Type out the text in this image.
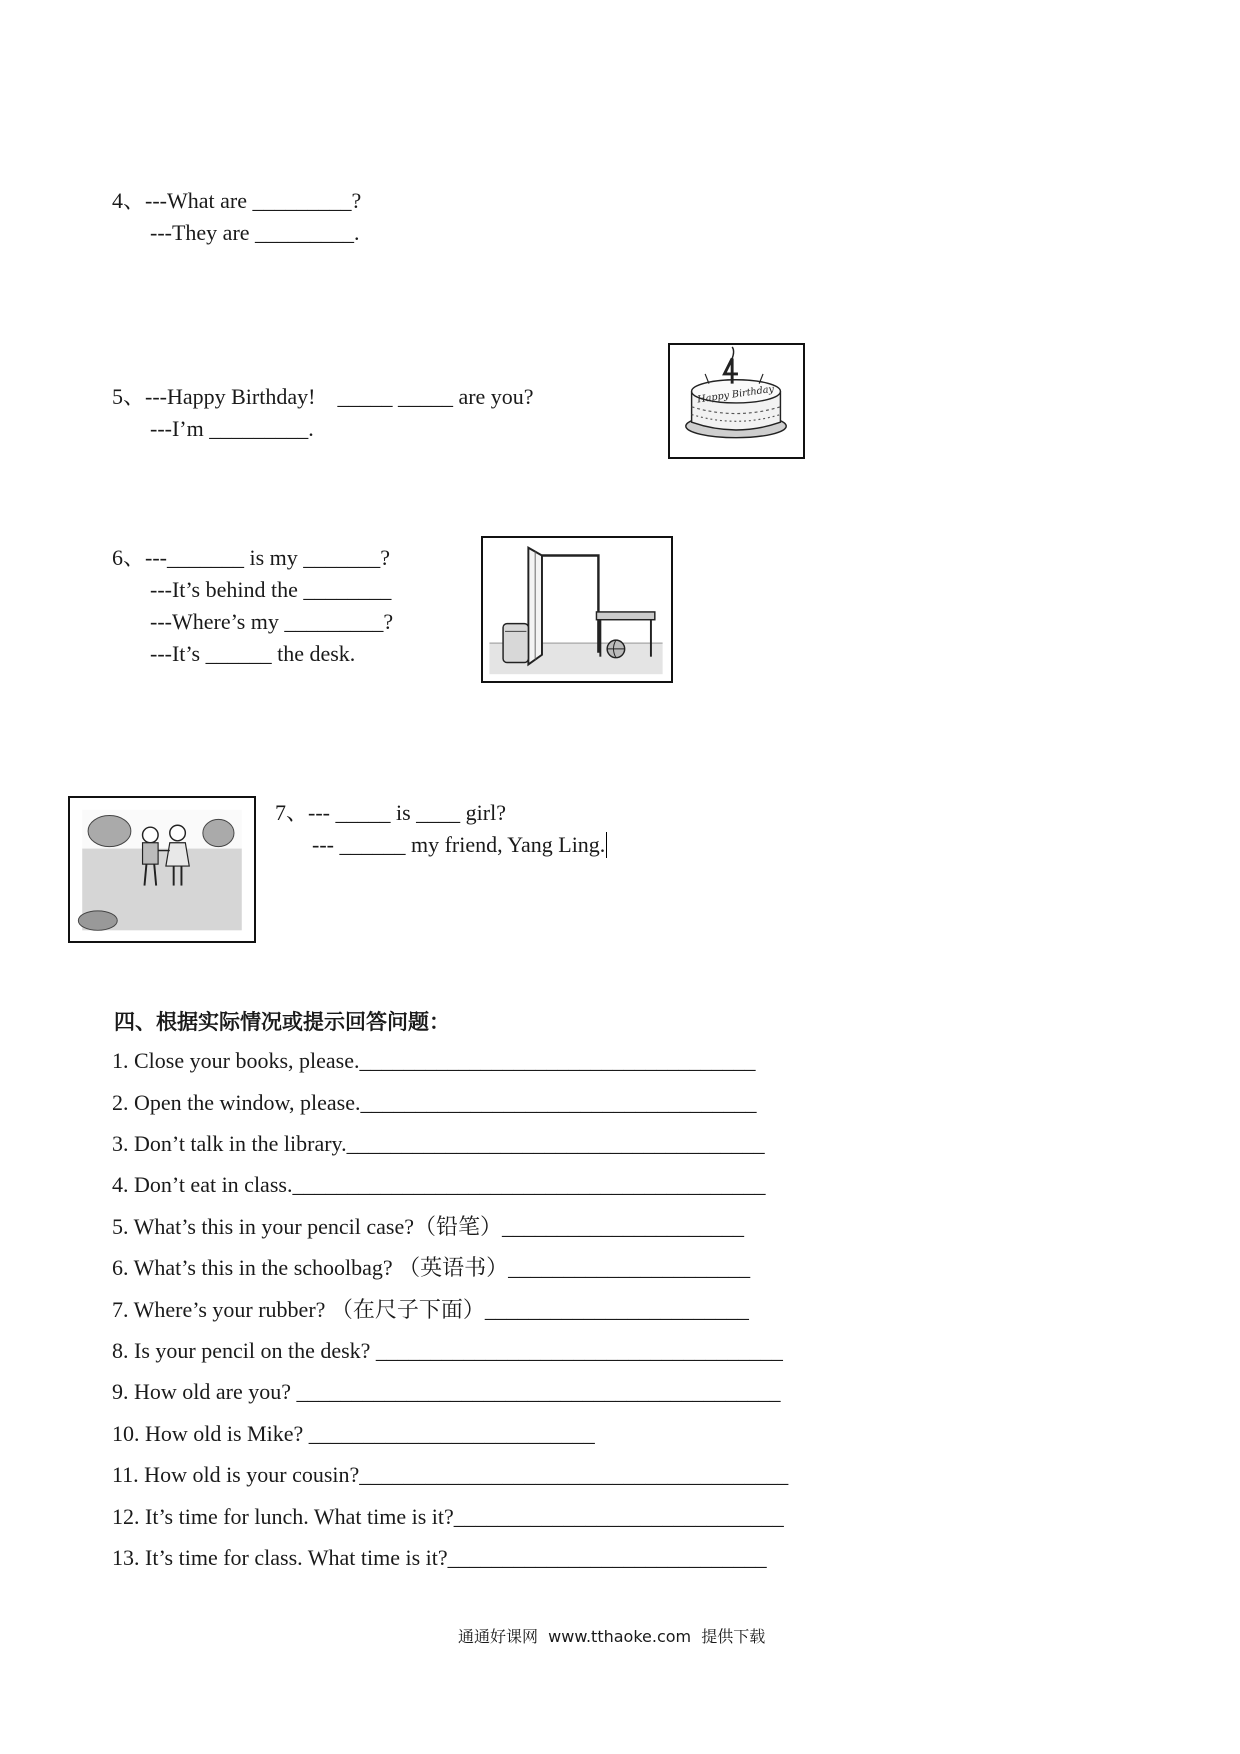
4、---What are _________?
---They are _________.
5、---Happy Birthday!    _____ _____ are you?
---I’m _________.
Happy Birthday
6、---_______ is my _______?
---It’s behind the ________
---Where’s my _________?
---It’s ______ the desk.
7、--- _____ is ____ girl?
--- ______ my friend, Yang Ling.
四、根据实际情况或提示回答问题：
1. Close your books, please.____________________________________
2. Open the window, please.____________________________________
3. Don’t talk in the library.______________________________________
4. Don’t eat in class.___________________________________________
5. What’s this in your pencil case?（铅笔）______________________
6. What’s this in the schoolbag? （英语书）______________________
7. Where’s your rubber? （在尺子下面）________________________
8. Is your pencil on the desk? _____________________________________
9. How old are you? ____________________________________________
10. How old is Mike? __________________________
11. How old is your cousin?_______________________________________
12. It’s time for lunch. What time is it?______________________________
13. It’s time for class. What time is it?_____________________________
通通好课网  www.tthaoke.com  提供下载
